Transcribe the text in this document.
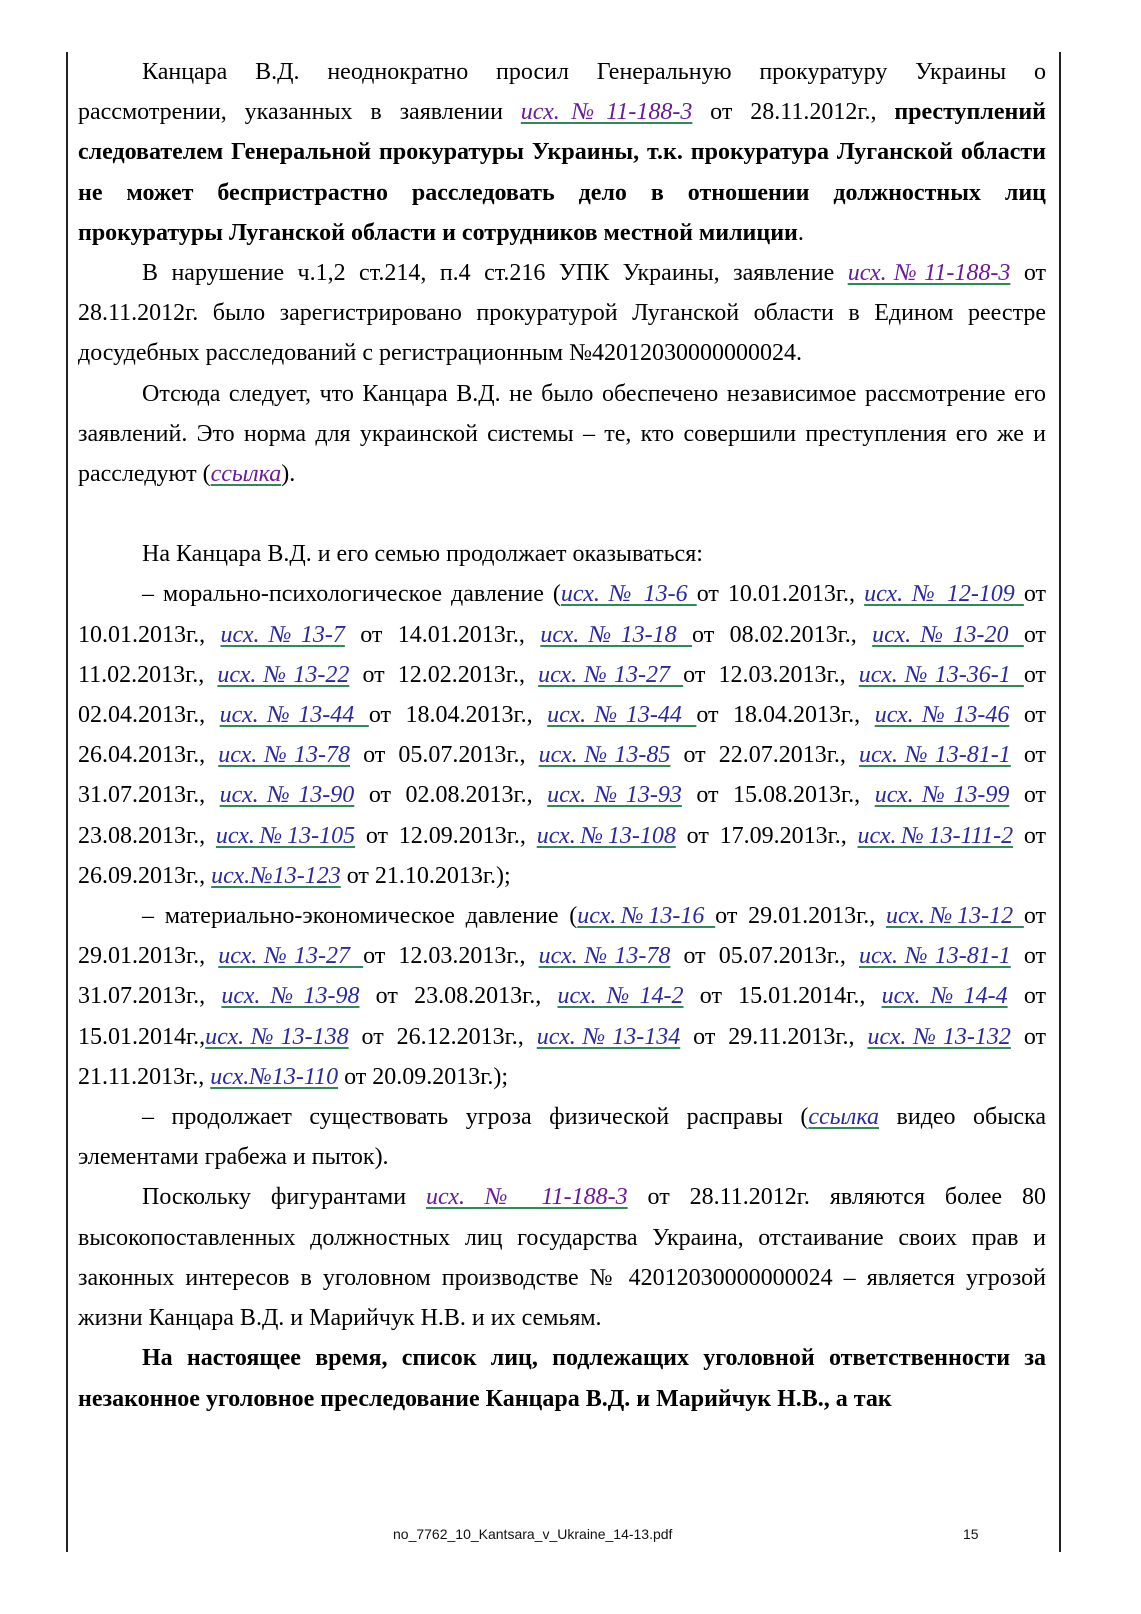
Канцара В.Д. неоднократно просил Генеральную прокуратуру Украины о рассмотрении, указанных в заявлении исх.№11-188-3 от 28.11.2012г., преступлений следователем Генеральной прокуратуры Украины, т.к. прокуратура Луганской области не может беспристрастно расследовать дело в отношении должностных лиц прокуратуры Луганской области и сотрудников местной милиции.

В нарушение ч.1,2 ст.214, п.4 ст.216 УПК Украины, заявление исх.№11-188-3 от 28.11.2012г. было зарегистрировано прокуратурой Луганской области в Едином реестре досудебных расследований с регистрационным №42012030000000024.

Отсюда следует, что Канцара В.Д. не было обеспечено независимое рассмотрение его заявлений. Это норма для украинской системы – те, кто совершили преступления его же и расследуют (ссылка).

На Канцара В.Д. и его семью продолжает оказываться:

– морально-психологическое давление (исх. № 13-6 от 10.01.2013г., исх. № 12-109 от 10.01.2013г., исх.№13-7 от 14.01.2013г., исх.№13-18 от 08.02.2013г., исх.№13-20 от 11.02.2013г., исх.№13-22 от 12.02.2013г., исх.№13-27 от 12.03.2013г., исх.№13-36-1 от 02.04.2013г., исх.№13-44 от 18.04.2013г., исх.№13-44 от 18.04.2013г., исх.№13-46 от 26.04.2013г., исх.№13-78 от 05.07.2013г., исх.№13-85 от 22.07.2013г., исх.№13-81-1 от 31.07.2013г., исх.№13-90 от 02.08.2013г., исх.№13-93 от 15.08.2013г., исх.№13-99 от 23.08.2013г., исх.№13-105 от 12.09.2013г., исх.№13-108 от 17.09.2013г., исх.№13-111-2 от 26.09.2013г., исх.№13-123 от 21.10.2013г.);

– материально-экономическое давление (исх.№13-16 от 29.01.2013г., исх.№13-12 от 29.01.2013г., исх.№13-27 от 12.03.2013г., исх.№13-78 от 05.07.2013г., исх.№13-81-1 от 31.07.2013г., исх.№13-98 от 23.08.2013г., исх.№14-2 от 15.01.2014г., исх.№14-4 от 15.01.2014г.,исх.№13-138 от 26.12.2013г., исх.№13-134 от 29.11.2013г., исх.№13-132 от 21.11.2013г., исх.№13-110 от 20.09.2013г.);

– продолжает существовать угроза физической расправы (ссылка видео обыска элементами грабежа и пыток).

Поскольку фигурантами исх. № 11-188-3 от 28.11.2012г. являются более 80 высокопоставленных должностных лиц государства Украина, отстаивание своих прав и законных интересов в уголовном производстве № 42012030000000024 – является угрозой жизни Канцара В.Д. и Марийчук Н.В. и их семьям.

На настоящее время, список лиц, подлежащих уголовной ответственности за незаконное уголовное преследование Канцара В.Д. и Марийчук Н.В., а так

no_7762_10_Kantsara_v_Ukraine_14-13.pdf	15
